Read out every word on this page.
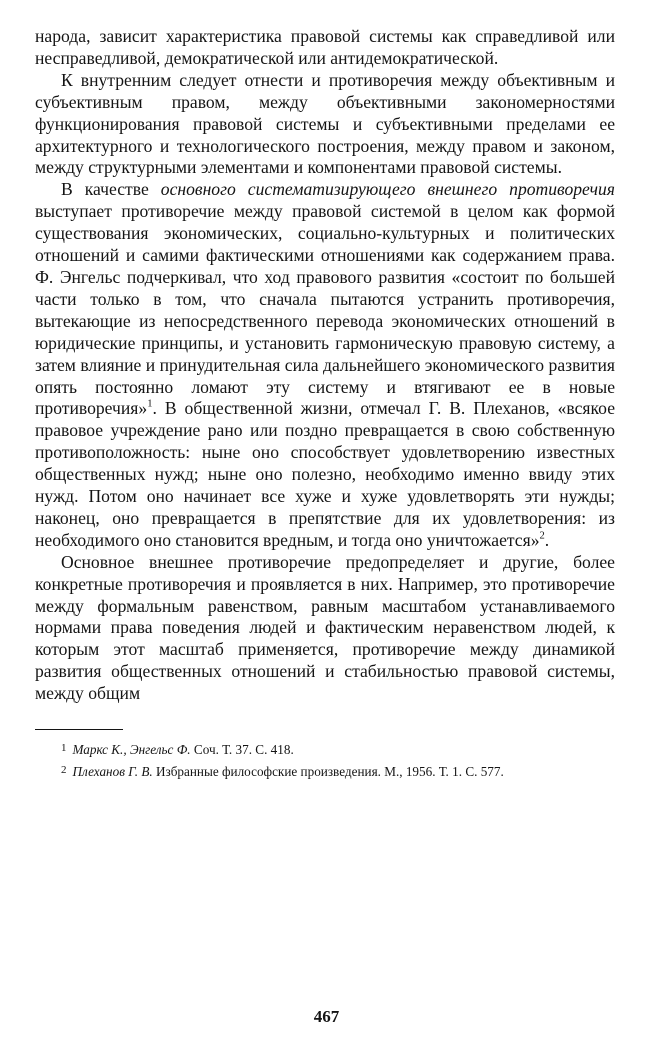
народа, зависит характеристика правовой системы как справедливой или несправедливой, демократической или антидемократической.

К внутренним следует отнести и противоречия между объективным и субъективным правом, между объективными закономерностями функционирования правовой системы и субъективными пределами ее архитектурного и технологического построения, между правом и законом, между структурными элементами и компонентами правовой системы.

В качестве основного систематизирующего внешнего противоречия выступает противоречие между правовой системой в целом как формой существования экономических, социально-культурных и политических отношений и самими фактическими отношениями как содержанием права. Ф. Энгельс подчеркивал, что ход правового развития «состоит по большей части только в том, что сначала пытаются устранить противоречия, вытекающие из непосредственного перевода экономических отношений в юридические принципы, и установить гармоническую правовую систему, а затем влияние и принудительная сила дальнейшего экономического развития опять постоянно ломают эту систему и втягивают ее в новые противоречия»$^1$. В общественной жизни, отмечал Г. В. Плеханов, «всякое правовое учреждение рано или поздно превращается в свою собственную противоположность: ныне оно способствует удовлетворению известных общественных нужд; ныне оно полезно, необходимо именно ввиду этих нужд. Потом оно начинает все хуже и хуже удовлетворять эти нужды; наконец, оно превращается в препятствие для их удовлетворения: из необходимого оно становится вредным, и тогда оно уничтожается»$^2$.

Основное внешнее противоречие предопределяет и другие, более конкретные противоречия и проявляется в них. Например, это противоречие между формальным равенством, равным масштабом устанавливаемого нормами права поведения людей и фактическим неравенством людей, к которым этот масштаб применяется, противоречие между динамикой развития общественных отношений и стабильностью правовой системы, между общим

$^1$ Маркс К., Энгельс Ф. Соч. Т. 37. С. 418.

$^2$ Плеханов Г. В. Избранные философские произведения. М., 1956. Т. 1. С. 577.

467
